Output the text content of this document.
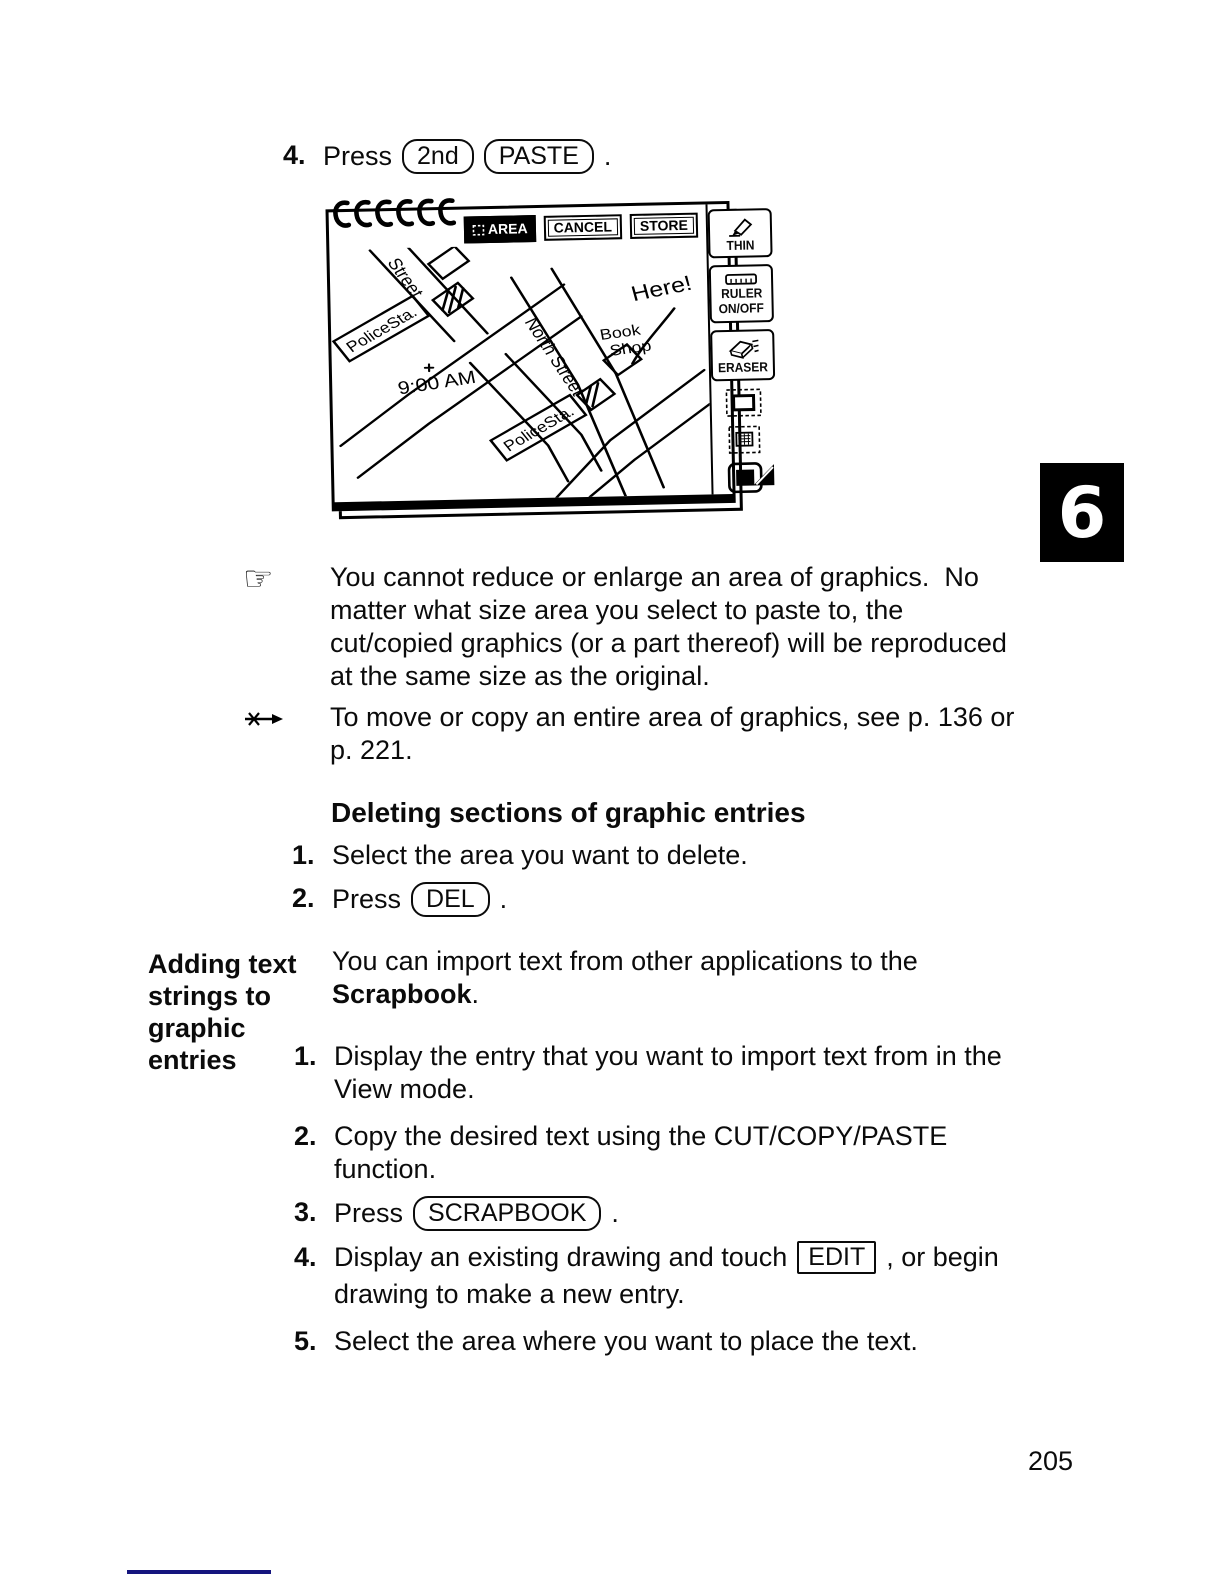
4. Press	2nd	PASTE .
AREA	CANCEL	STORE
PoliceSta.
PoliceSta.
Street
North Street
9:00 AM
Book
Shop
Here!
THIN
RULER
ON/OFF
ERASER
6
☞	You cannot reduce or enlarge an area of graphics.  No
matter what size area you select to paste to, the
cut/copied graphics (or a part thereof) will be reproduced
at the same size as the original.
To move or copy an entire area of graphics, see p. 136 or
p. 221.
Deleting sections of graphic entries
1. Select the area you want to delete.
2. Press	DEL .
Adding text
strings to
graphic
entries
You can import text from other applications to the
Scrapbook.
1. Display the entry that you want to import text from in the
View mode.
2. Copy the desired text using the CUT/COPY/PASTE
function.
3. Press	SCRAPBOOK .
4. Display an existing drawing and touch EDIT , or begin
drawing to make a new entry.
5. Select the area where you want to place the text.
205
